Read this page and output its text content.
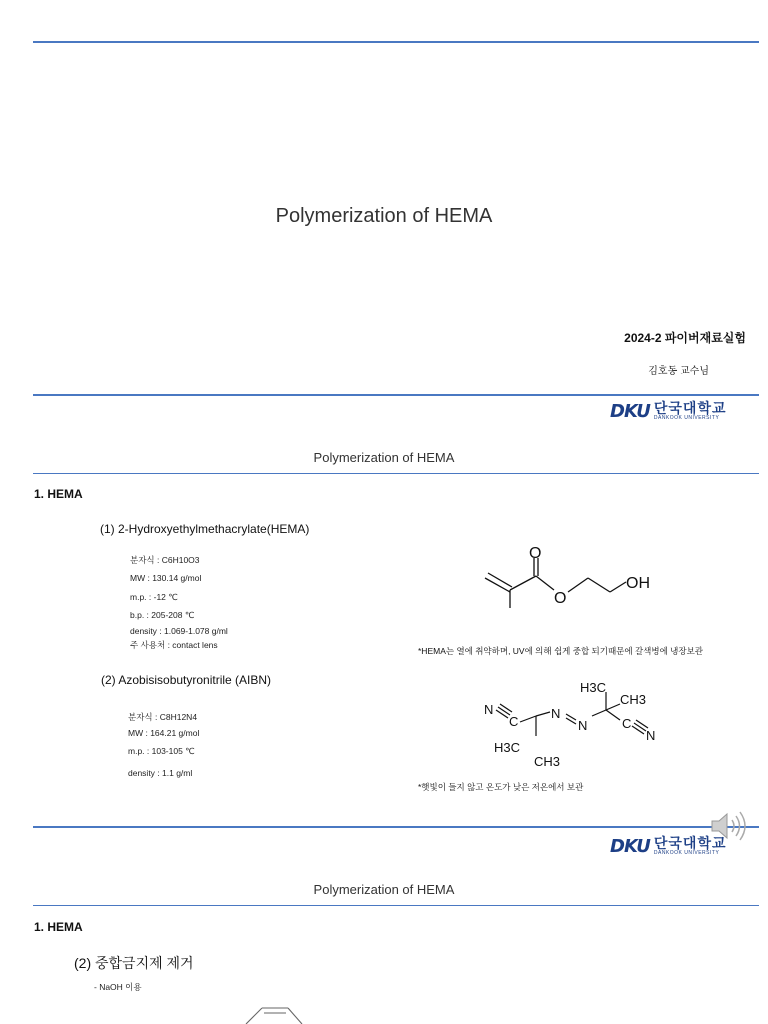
Polymerization of HEMA
2024-2 파이버재료실험
김호동 교수님
DKU 단국대학교
DANKOOK UNIVERSITY
Polymerization of HEMA
1. HEMA
(1) 2-Hydroxyethylmethacrylate(HEMA)
분자식 : C6H10O3
MW : 130.14 g/mol
m.p. : -12 ℃
b.p. : 205-208 ℃
density : 1.069-1.078 g/ml
주 사용처 : contact lens
O
O
OH
*HEMA는 열에 취약하며, UV에 의해 쉽게 중합 되기때문에 갈색병에 냉장보관
(2) Azobisisobutyronitrile (AIBN)
분자식 : C8H12N4
MW : 164.21 g/mol
m.p. : 103-105 ℃
density : 1.1 g/ml
N
C
N
N	C
N
H3C
CH3
H3C
CH3
*햇빛이 들지 않고 온도가 낮은 저온에서 보관
DKU 단국대학교
DANKOOK UNIVERSITY
Polymerization of HEMA
1. HEMA
(2) 중합금지제 제거
- NaOH 이용
